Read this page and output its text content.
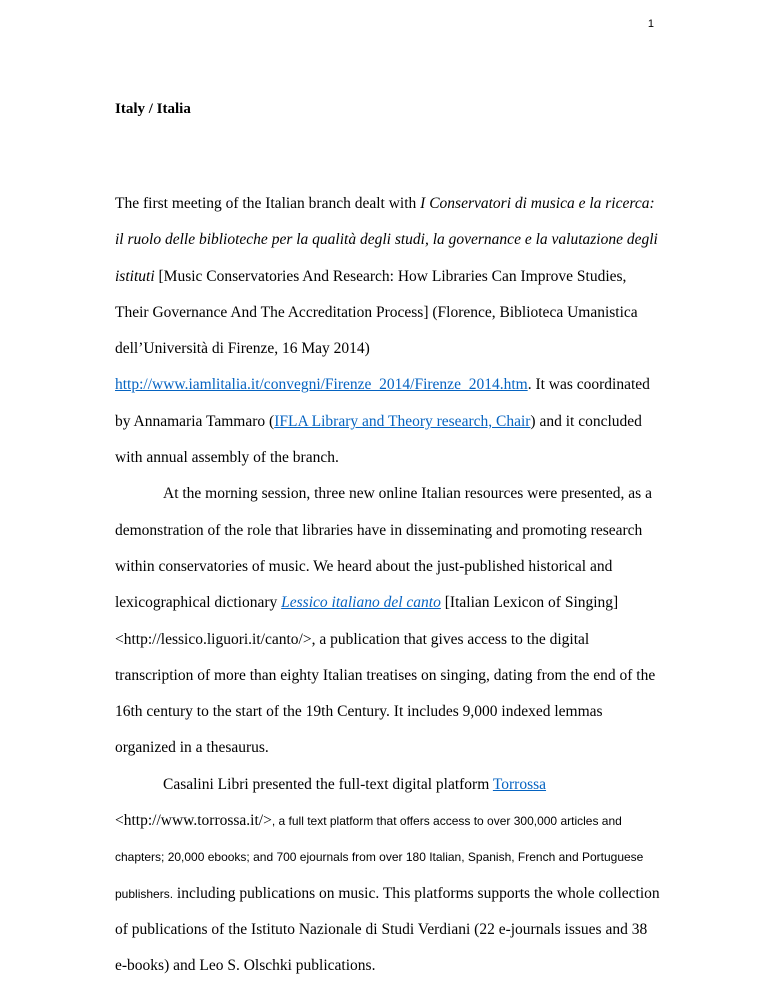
1
Italy / Italia

The first meeting of the Italian branch dealt with I Conservatori di musica e la ricerca: il ruolo delle biblioteche per la qualità degli studi, la governance e la valutazione degli istituti [Music Conservatories And Research: How Libraries Can Improve Studies, Their Governance And The Accreditation Process] (Florence, Biblioteca Umanistica dell’Università di Firenze, 16 May 2014) http://www.iamlitalia.it/convegni/Firenze_2014/Firenze_2014.htm. It was coordinated by Annamaria Tammaro (IFLA Library and Theory research, Chair) and it concluded with annual assembly of the branch.

At the morning session, three new online Italian resources were presented, as a demonstration of the role that libraries have in disseminating and promoting research within conservatories of music. We heard about the just-published historical and lexicographical dictionary Lessico italiano del canto [Italian Lexicon of Singing] <http://lessico.liguori.it/canto/>, a publication that gives access to the digital transcription of more than eighty Italian treatises on singing, dating from the end of the 16th century to the start of the 19th Century. It includes 9,000 indexed lemmas organized in a thesaurus.

Casalini Libri presented the full-text digital platform Torrossa <http://www.torrossa.it/>, a full text platform that offers access to over 300,000 articles and chapters; 20,000 ebooks; and 700 ejournals from over 180 Italian, Spanish, French and Portuguese publishers. including publications on music. This platforms supports the whole collection of publications of the Istituto Nazionale di Studi Verdiani (22 e-journals issues and 38 e-books) and Leo S. Olschki publications.
